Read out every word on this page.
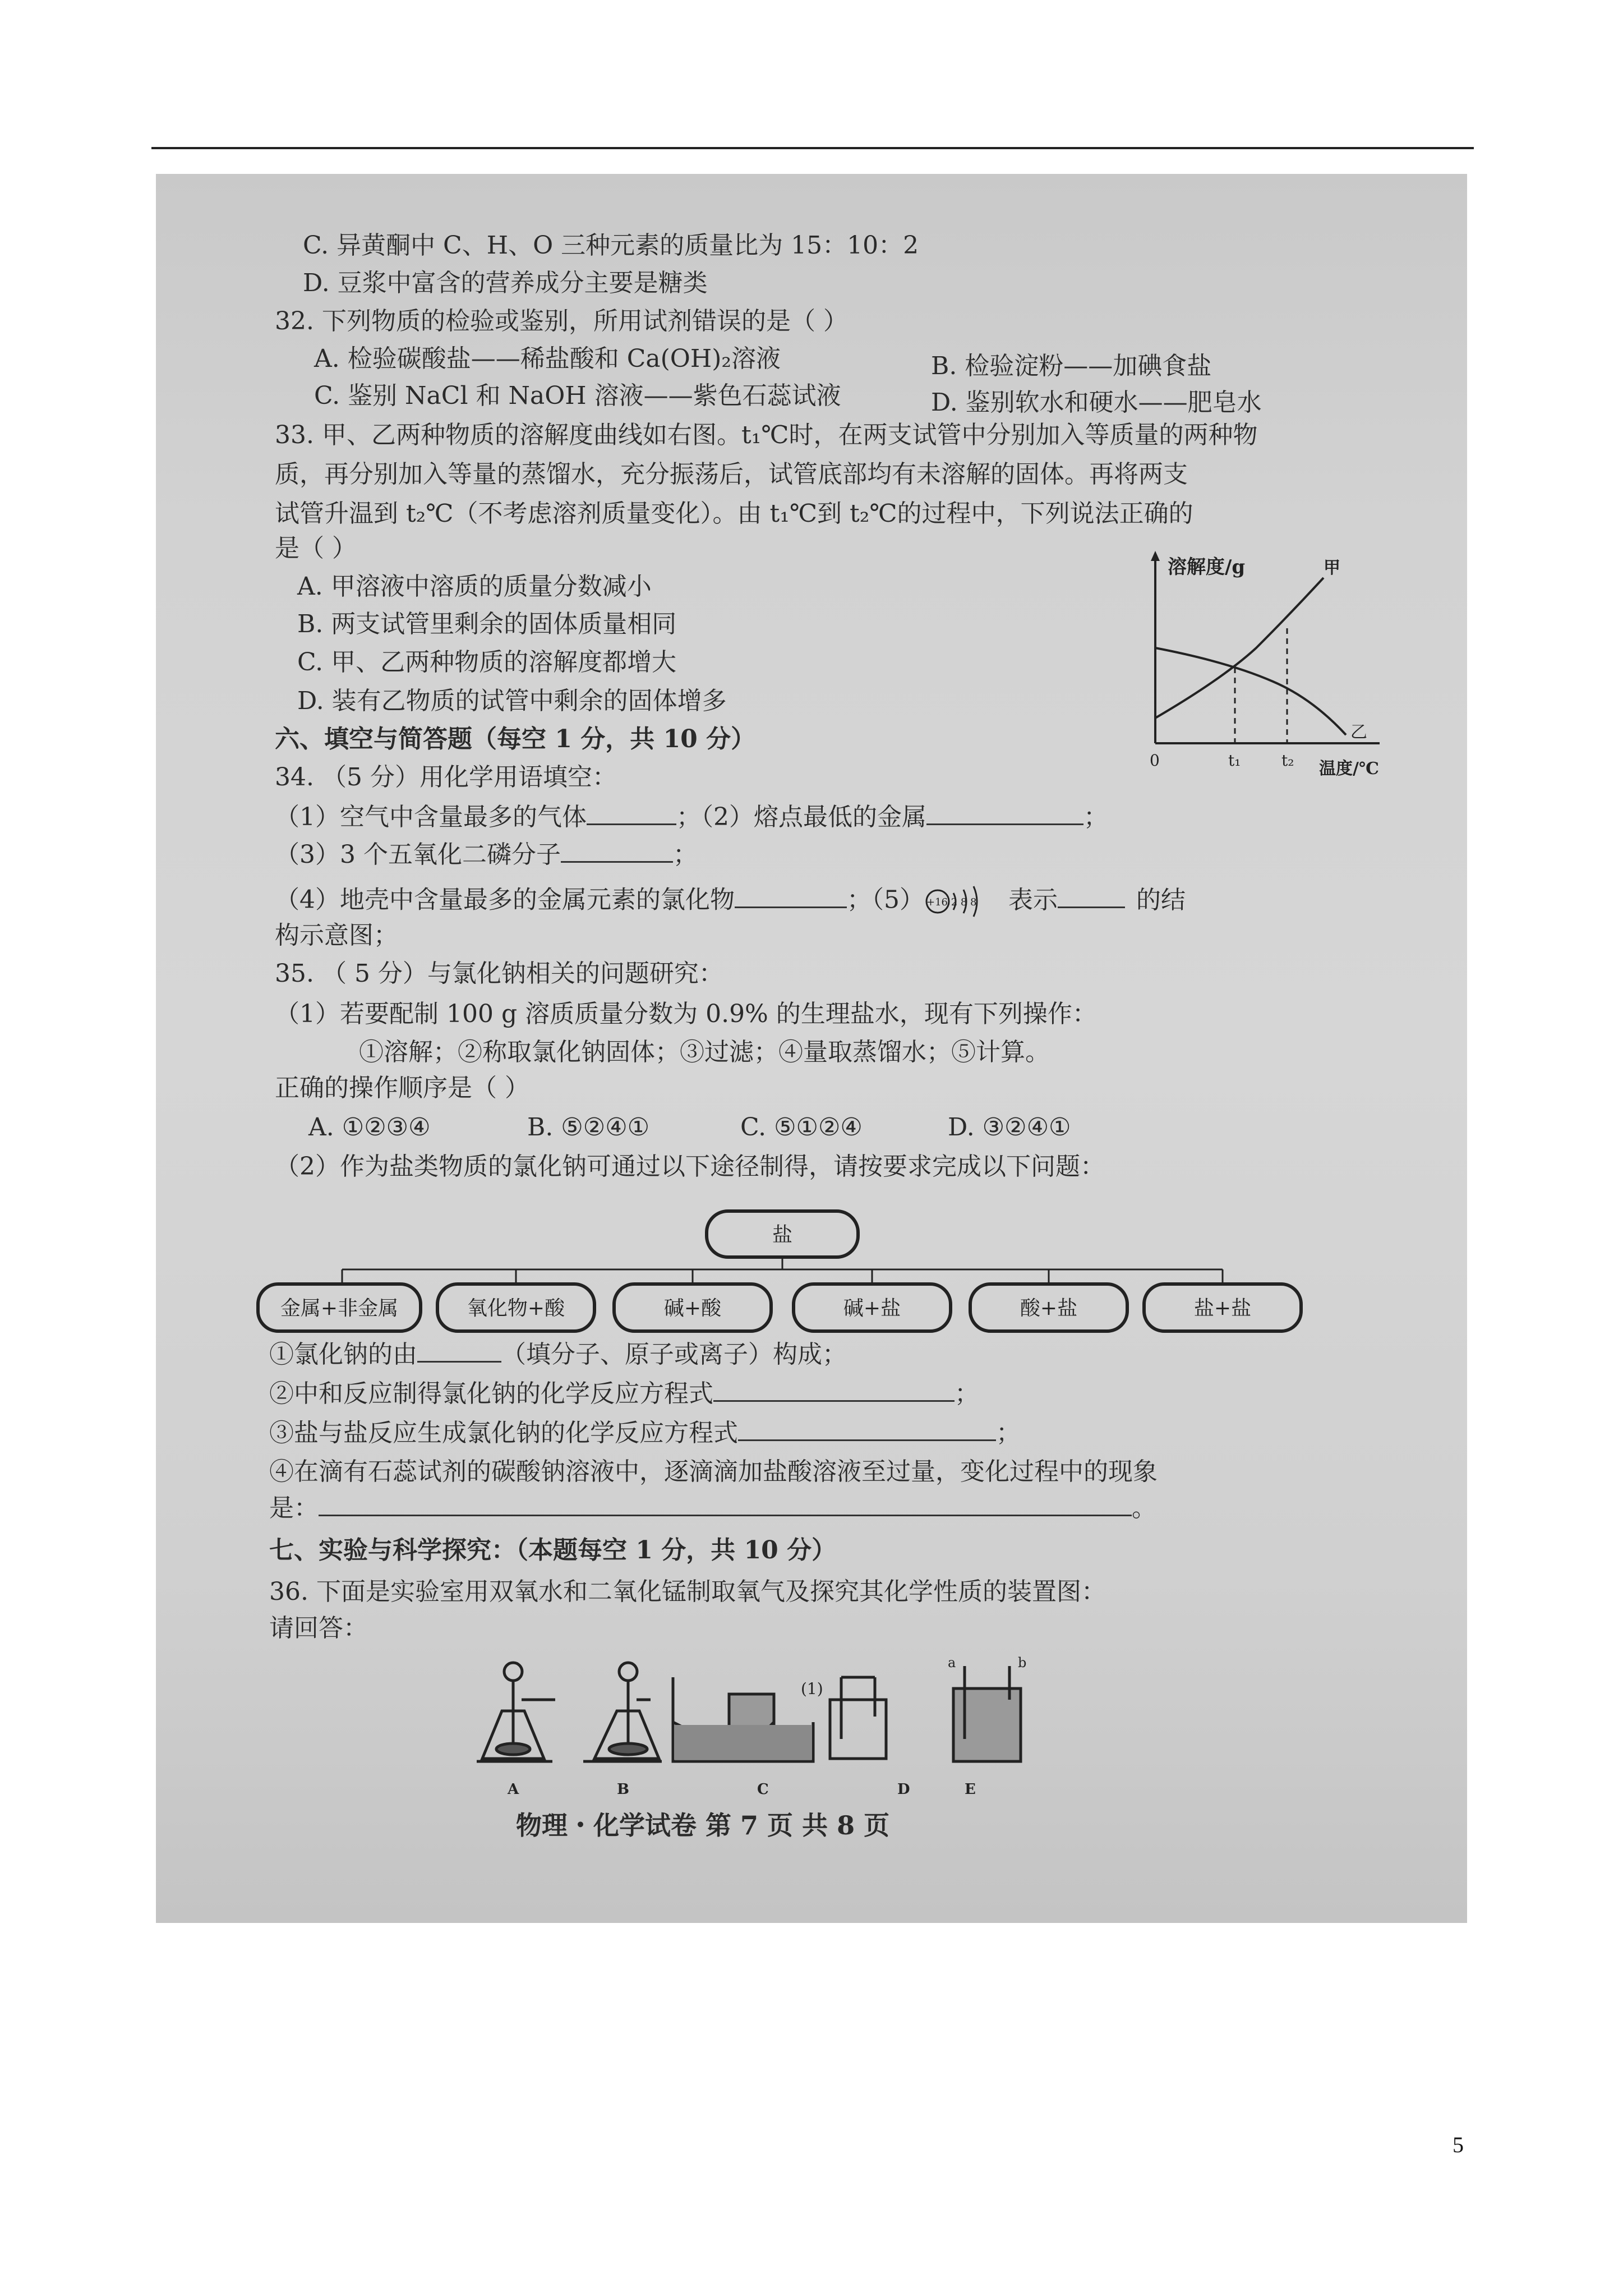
C. 异黄酮中 C、H、O 三种元素的质量比为 15：10：2
D. 豆浆中富含的营养成分主要是糖类
32. 下列物质的检验或鉴别，所用试剂错误的是（ ）
A. 检验碳酸盐——稀盐酸和 Ca(OH)₂溶液	B. 检验淀粉——加碘食盐
C. 鉴别 NaCl 和 NaOH 溶液——紫色石蕊试液	D. 鉴别软水和硬水——肥皂水
33. 甲、乙两种物质的溶解度曲线如右图。t₁℃时，在两支试管中分别加入等质量的两种物
质，再分别加入等量的蒸馏水，充分振荡后，试管底部均有未溶解的固体。再将两支
试管升温到 t₂℃（不考虑溶剂质量变化）。由 t₁℃到 t₂℃的过程中，下列说法正确的
是（ ）
A. 甲溶液中溶质的质量分数减小
B. 两支试管里剩余的固体质量相同
C. 甲、乙两种物质的溶解度都增大
D. 装有乙物质的试管中剩余的固体增多
溶解度/g
温度/℃
0	t₁	t₂
甲
乙
六、填空与简答题（每空 1 分，共 10 分）
34. （5 分）用化学用语填空：
（1）空气中含量最多的气体	；（2）熔点最低的金属	；
（3）3 个五氧化二磷分子	；
（4）地壳中含量最多的金属元素的氯化物	；（5） +16 2 8 8 表示	的结
构示意图；
35. （ 5 分）与氯化钠相关的问题研究：
（1）若要配制 100 g 溶质质量分数为 0.9% 的生理盐水，现有下列操作：
①溶解；②称取氯化钠固体；③过滤；④量取蒸馏水；⑤计算。
正确的操作顺序是（ ）
A. ①②③④	B. ⑤②④①	C. ⑤①②④	D. ③②④①
（2）作为盐类物质的氯化钠可通过以下途径制得，请按要求完成以下问题：
盐
金属+非金属	氧化物+酸	碱+酸	碱+盐	酸+盐	盐+盐
①氯化钠的由	（填分子、原子或离子）构成；
②中和反应制得氯化钠的化学反应方程式	；
③盐与盐反应生成氯化钠的化学反应方程式	；
④在滴有石蕊试剂的碳酸钠溶液中，逐滴滴加盐酸溶液至过量，变化过程中的现象
是：	。
七、实验与科学探究：（本题每空 1 分，共 10 分）
36. 下面是实验室用双氧水和二氧化锰制取氧气及探究其化学性质的装置图：
请回答：
(1)
a	b
A	B	C	D	E
物理・化学试卷 第 7 页 共 8 页
5
